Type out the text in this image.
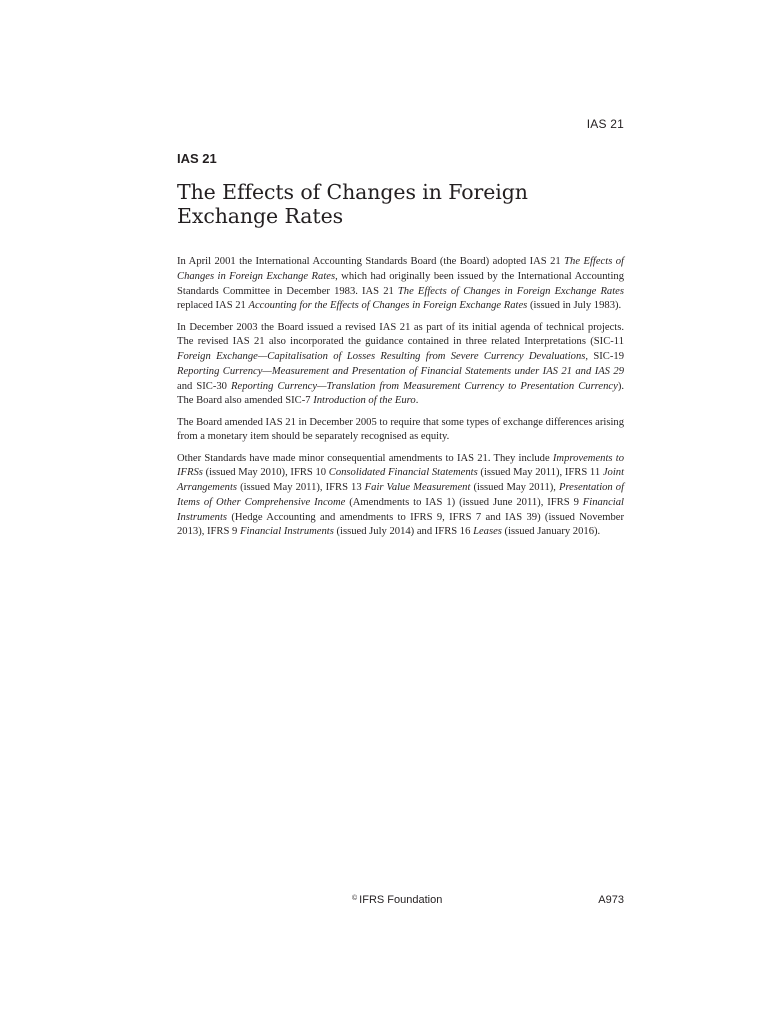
IAS 21
IAS 21
The Effects of Changes in Foreign Exchange Rates

In April 2001 the International Accounting Standards Board (the Board) adopted IAS 21 The Effects of Changes in Foreign Exchange Rates, which had originally been issued by the International Accounting Standards Committee in December 1983. IAS 21 The Effects of Changes in Foreign Exchange Rates replaced IAS 21 Accounting for the Effects of Changes in Foreign Exchange Rates (issued in July 1983).

In December 2003 the Board issued a revised IAS 21 as part of its initial agenda of technical projects. The revised IAS 21 also incorporated the guidance contained in three related Interpretations (SIC-11 Foreign Exchange—Capitalisation of Losses Resulting from Severe Currency Devaluations, SIC-19 Reporting Currency—Measurement and Presentation of Financial Statements under IAS 21 and IAS 29 and SIC-30 Reporting Currency—Translation from Measurement Currency to Presentation Currency). The Board also amended SIC-7 Introduction of the Euro.

The Board amended IAS 21 in December 2005 to require that some types of exchange differences arising from a monetary item should be separately recognised as equity.

Other Standards have made minor consequential amendments to IAS 21. They include Improvements to IFRSs (issued May 2010), IFRS 10 Consolidated Financial Statements (issued May 2011), IFRS 11 Joint Arrangements (issued May 2011), IFRS 13 Fair Value Measurement (issued May 2011), Presentation of Items of Other Comprehensive Income (Amendments to IAS 1) (issued June 2011), IFRS 9 Financial Instruments (Hedge Accounting and amendments to IFRS 9, IFRS 7 and IAS 39) (issued November 2013), IFRS 9 Financial Instruments (issued July 2014) and IFRS 16 Leases (issued January 2016).

© IFRS Foundation	A973
